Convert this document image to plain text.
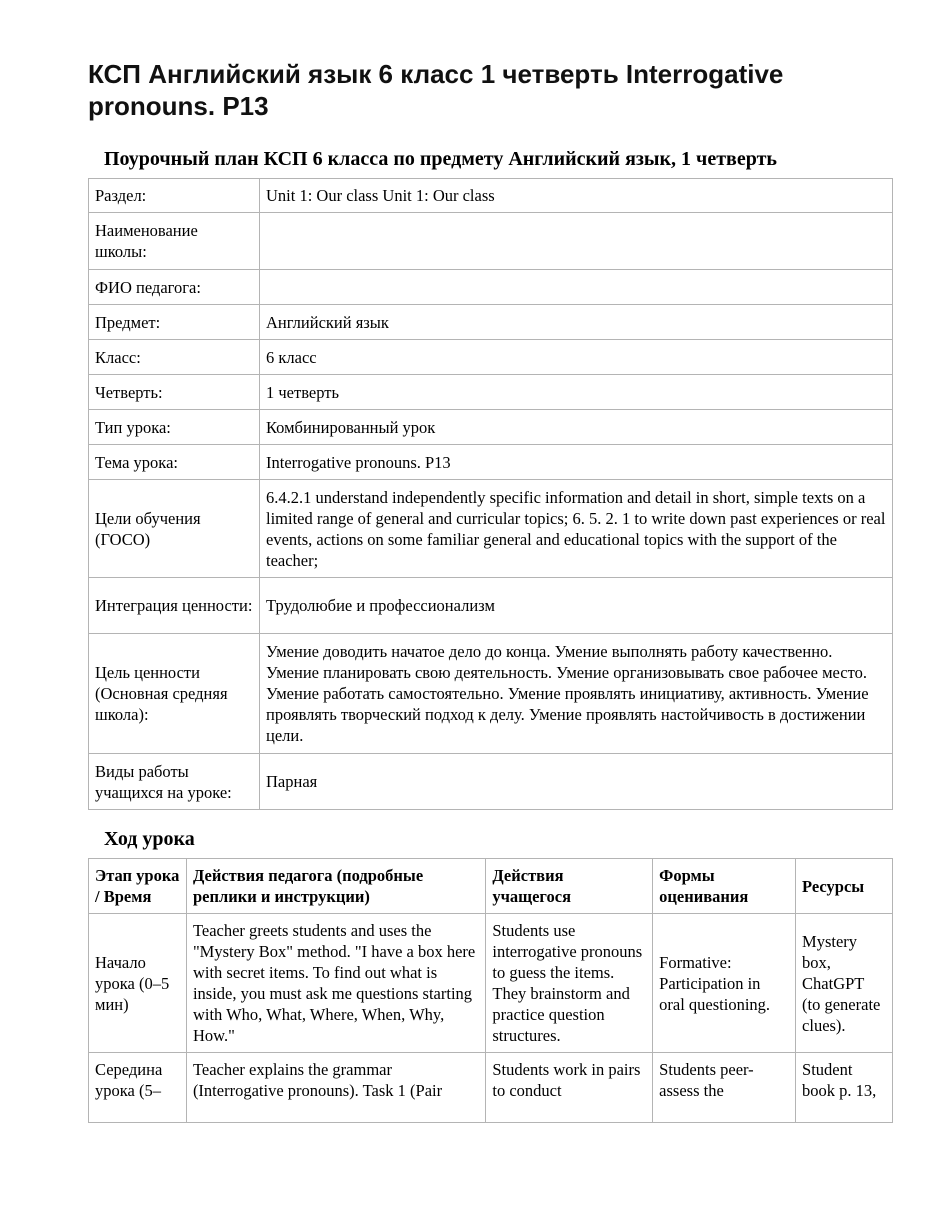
КСП Английский язык 6 класс 1 четверть Interrogative pronouns. P13
Поурочный план КСП 6 класса по предмету Английский язык, 1 четверть
Раздел:	Unit 1: Our class Unit 1: Our class
Наименование школы:	
ФИО педагога:	
Предмет:	Английский язык
Класс:	6 класс
Четверть:	1 четверть
Тип урока:	Комбинированный урок
Тема урока:	Interrogative pronouns. P13
Цели обучения (ГОСО)	6.4.2.1 understand independently specific information and detail in short, simple texts on a limited range of general and curricular topics; 6. 5. 2. 1 to write down past experiences or real events, actions on some familiar general and educational topics with the support of the teacher;
Интеграция ценности:	Трудолюбие и профессионализм
Цель ценности (Основная средняя школа):	Умение доводить начатое дело до конца. Умение выполнять работу качественно. Умение планировать свою деятельность. Умение организовывать свое рабочее место. Умение работать самостоятельно. Умение проявлять инициативу, активность. Умение проявлять творческий подход к делу. Умение проявлять настойчивость в достижении цели.
Виды работы учащихся на уроке:	Парная
Ход урока
Этап урока / Время	Действия педагога (подробные реплики и инструкции)	Действия учащегося	Формы оценивания	Ресурсы
Начало урока (0–5 мин)	Teacher greets students and uses the "Mystery Box" method. "I have a box here with secret items. To find out what is inside, you must ask me questions starting with Who, What, Where, When, Why, How."	Students use interrogative pronouns to guess the items. They brainstorm and practice question structures.	Formative: Participation in oral questioning.	Mystery box, ChatGPT (to generate clues).

Середина урока (5–	Teacher explains the grammar (Interrogative pronouns). Task 1 (Pair	Students work in pairs to conduct	Students peer-assess the	Student book p. 13,
